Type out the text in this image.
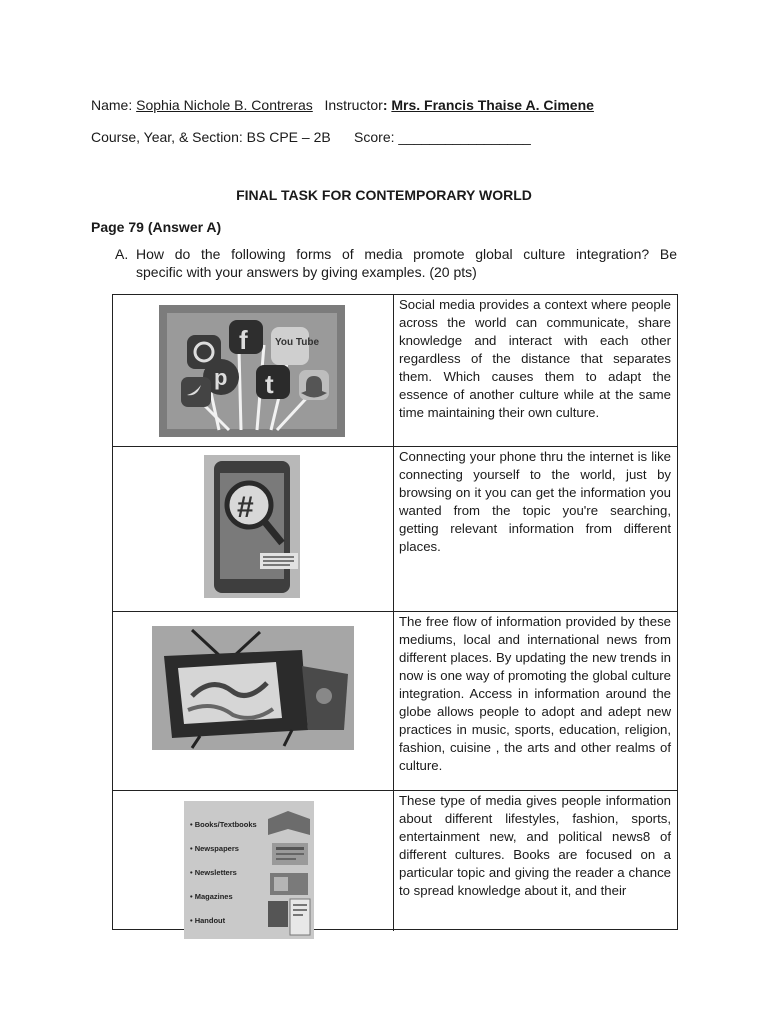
Name: Sophia Nichole B. Contreras Instructor: Mrs. Francis Thaise A. Cimene
Course, Year, & Section: BS CPE – 2B Score: _________________
FINAL TASK FOR CONTEMPORARY WORLD
Page 79 (Answer A)
A. How do the following forms of media promote global culture integration? Be
specific with your answers by giving examples. (20 pts)
f	You Tube
p t
Social media provides a context where people across the world can communicate, share knowledge and interact with each other regardless of the distance that separates them. Which causes them to adapt the essence of another culture while at the same time maintaining their own culture.
#
Connecting your phone thru the internet is like connecting yourself to the world, just by browsing on it you can get the information you wanted from the topic you're searching, getting relevant information from different places.
The free flow of information provided by these mediums, local and international news from different places. By updating the new trends in now is one way of promoting the global culture integration. Access in information around the globe allows people to adopt and adept new practices in music, sports, education, religion, fashion, cuisine , the arts and other realms of culture.
• Books/Textbooks
• Newspapers
• Newsletters
• Magazines
• Handout
These type of media gives people information about different lifestyles, fashion, sports, entertainment new, and political news8 of different cultures. Books are focused on a particular topic and giving the reader a chance to spread knowledge about it, and their
